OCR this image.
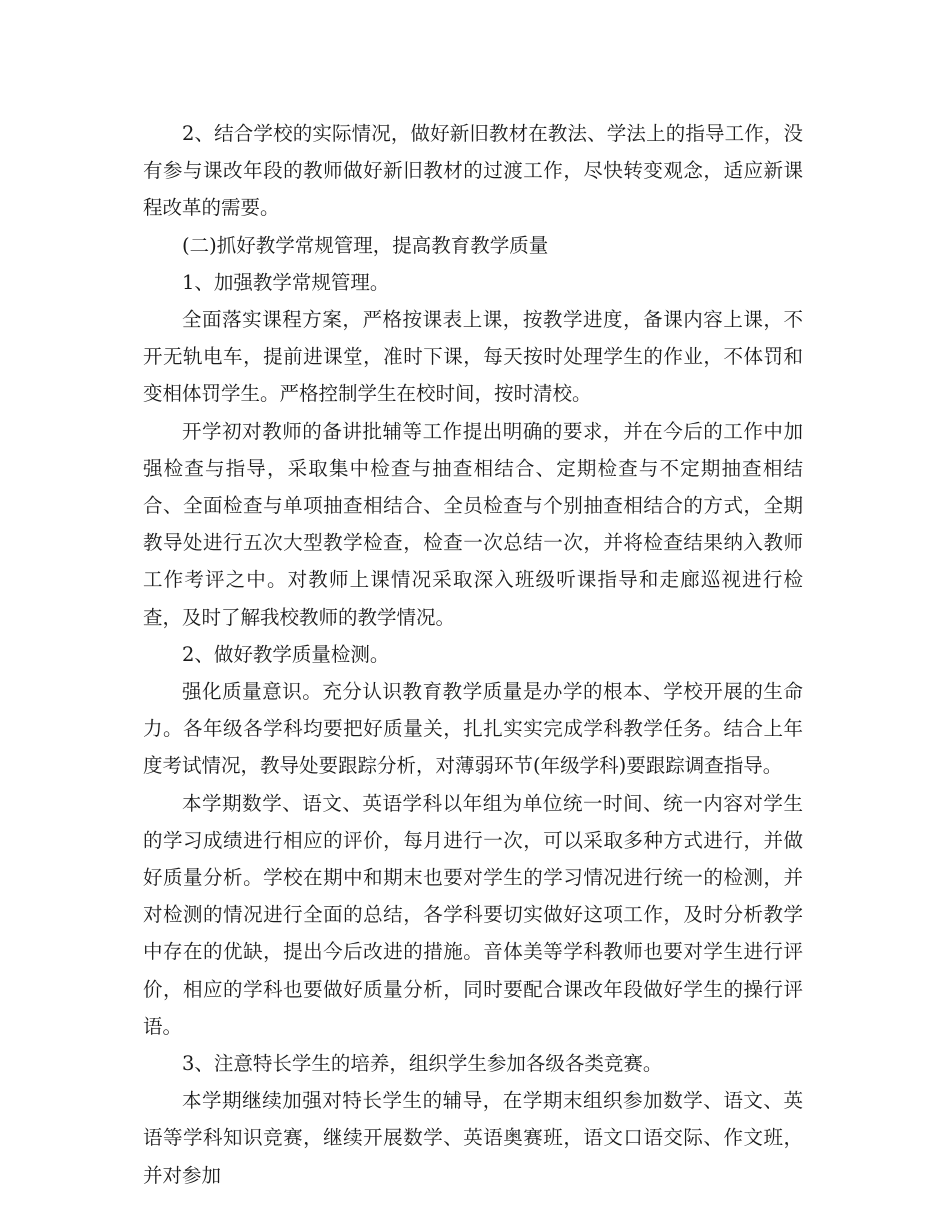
2、结合学校的实际情况，做好新旧教材在教法、学法上的指导工作，没有参与课改年段的教师做好新旧教材的过渡工作，尽快转变观念，适应新课程改革的需要。

(二)抓好教学常规管理，提高教育教学质量

1、加强教学常规管理。

全面落实课程方案，严格按课表上课，按教学进度，备课内容上课，不开无轨电车，提前进课堂，准时下课，每天按时处理学生的作业，不体罚和变相体罚学生。严格控制学生在校时间，按时清校。

开学初对教师的备讲批辅等工作提出明确的要求，并在今后的工作中加强检查与指导，采取集中检查与抽查相结合、定期检查与不定期抽查相结合、全面检查与单项抽查相结合、全员检查与个别抽查相结合的方式，全期教导处进行五次大型教学检查，检查一次总结一次，并将检查结果纳入教师工作考评之中。对教师上课情况采取深入班级听课指导和走廊巡视进行检查，及时了解我校教师的教学情况。

2、做好教学质量检测。

强化质量意识。充分认识教育教学质量是办学的根本、学校开展的生命力。各年级各学科均要把好质量关，扎扎实实完成学科教学任务。结合上年度考试情况，教导处要跟踪分析，对薄弱环节(年级学科)要跟踪调查指导。

本学期数学、语文、英语学科以年组为单位统一时间、统一内容对学生的学习成绩进行相应的评价，每月进行一次，可以采取多种方式进行，并做好质量分析。学校在期中和期末也要对学生的学习情况进行统一的检测，并对检测的情况进行全面的总结，各学科要切实做好这项工作，及时分析教学中存在的优缺，提出今后改进的措施。音体美等学科教师也要对学生进行评价，相应的学科也要做好质量分析，同时要配合课改年段做好学生的操行评语。

3、注意特长学生的培养，组织学生参加各级各类竞赛。

本学期继续加强对特长学生的辅导，在学期末组织参加数学、语文、英语等学科知识竞赛，继续开展数学、英语奥赛班，语文口语交际、作文班，并对参加
